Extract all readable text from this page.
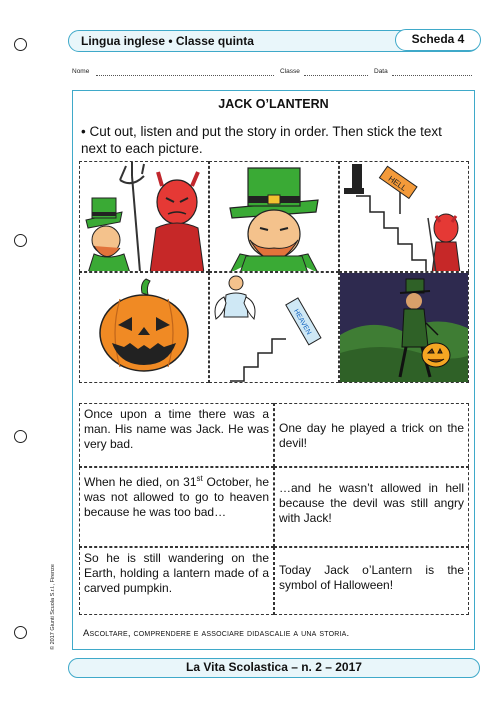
Lingua inglese • Classe quinta	Scheda 4
Nome	Classe	Data
JACK O’LANTERN
• Cut out, listen and put the story in order. Then stick the text next to each picture.
HELL
HEAVEN
Once upon a time there was a man. His name was Jack. He was very bad.
One day he played a trick on the devil!
When he died, on 31st October, he was not allowed to go to heaven because he was too bad…
…and he wasn’t allowed in hell because the devil was still angry with Jack!
So he is still wandering on the Earth, holding a lantern made of a carved pumpkin.
Today Jack o’Lantern is the symbol of Halloween!
Ascoltare, comprendere e associare didascalie a una storia.
© 2017 Giunti Scuola S.r.l., Firenze
La Vita Scolastica – n. 2 – 2017
